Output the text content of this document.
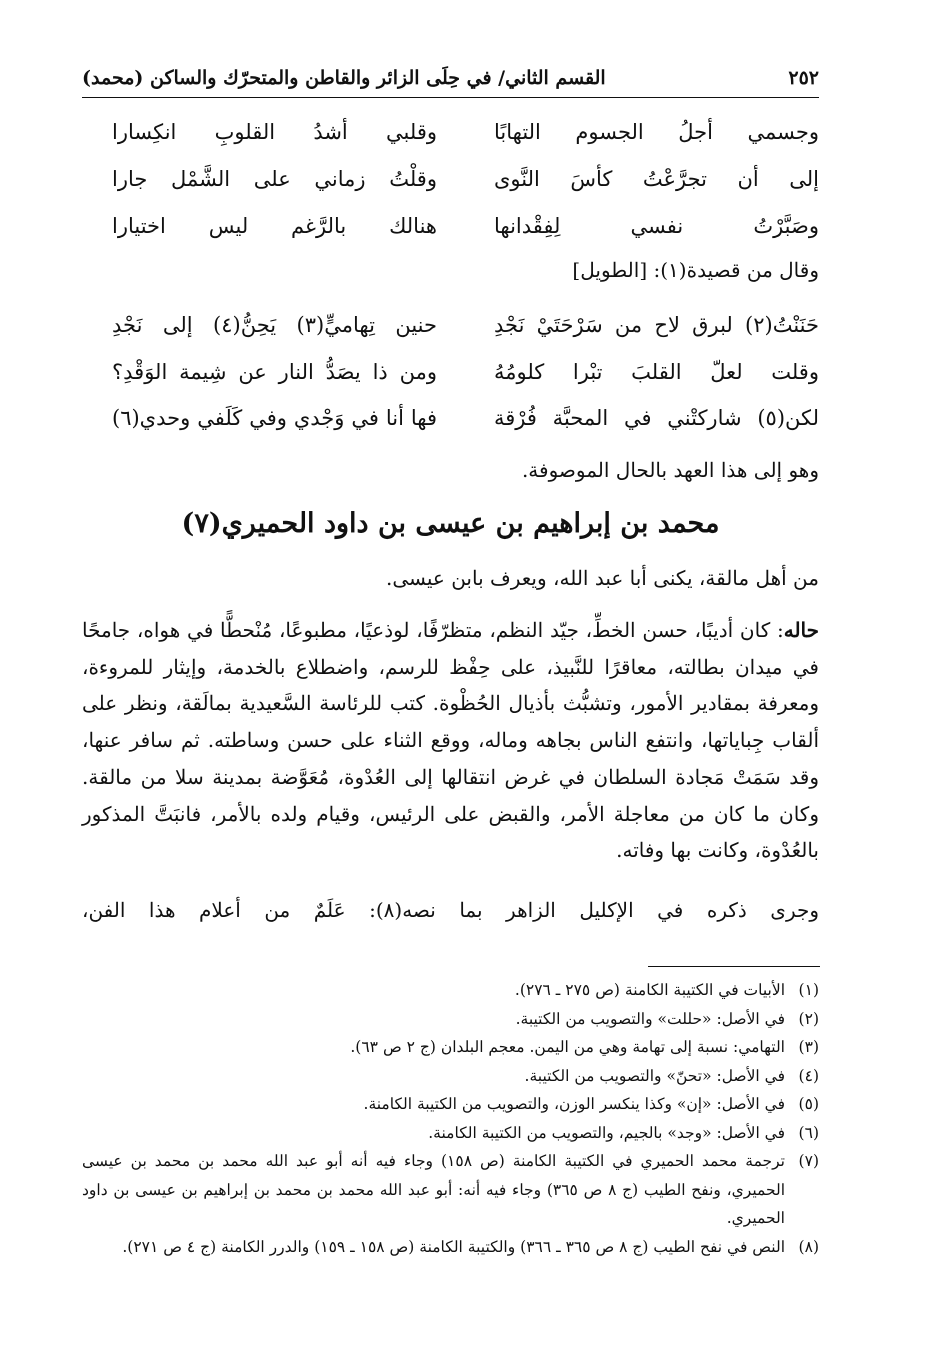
٢٥٢
القسم الثاني/ في حِلَى الزائر والقاطن والمتحرّك والساكن (محمد)
وجسمي أجلُ الجسوم التهابًا
وقلبي أشدُ القلوبِ انكِسارا
إلى أن تجرَّعْتُ كأسَ النَّوى
وقلْتُ زماني على الشَّمْل جارا
وصَبَّرْتُ نفسي لِفِقْدانها
هنالك بالرَّغم ليس اختيارا
وقال من قصيدة(١): [الطويل]
حَنَنْتُ(٢) لبرق لاح من سَرْحَتَيْ نَجْدِ
حنين تِهاميٍّ(٣) يَحِنُّ(٤) إلى نَجْدِ
وقلت لعلّ القلبَ تبْرا كلومُهُ
ومن ذا يصَدُّ النار عن شِيمة الوَقْدِ؟
لكن(٥) شاركتْني في المحبَّة فُرْقة
فها أنا في وَجْدي وفي كَلَفي وحدي(٦)
وهو إلى هذا العهد بالحال الموصوفة.
محمد بن إبراهيم بن عيسى بن داود الحميري(٧)
من أهل مالقة، يكنى أبا عبد الله، ويعرف بابن عيسى.
حاله: كان أديبًا، حسن الخطِّ، جيّد النظم، متظرّفًا، لوذعيًا، مطبوعًا، مُنْحطًّا في هواه، جامحًا في ميدان بطالته، معاقرًا للنَّبيذ، على حِفْظ للرسم، واضطلاع بالخدمة، وإيثار للمروءة، ومعرفة بمقادير الأمور، وتشبُّث بأذيال الحُظْوة. كتب للرئاسة السَّعيدية بمالَقة، ونظر على ألقاب جِباياتها، وانتفع الناس بجاهه وماله، ووقع الثناء على حسن وساطته. ثم سافر عنها، وقد سَمَتْ مَجادة السلطان في غرض انتقالها إلى العُدْوة، مُعَوَّضة بمدينة سلا من مالقة. وكان ما كان من معاجلة الأمر، والقبض على الرئيس، وقيام ولده بالأمر، فانبَتَّ المذكور بالعُدْوة، وكانت بها وفاته.
وجرى ذكره في الإكليل الزاهر بما نصه(٨): عَلَمٌ من أعلام هذا الفن،
(١)
الأبيات في الكتيبة الكامنة (ص ٢٧٥ ـ ٢٧٦).
(٢)
في الأصل: «حللت» والتصويب من الكتيبة.
(٣)
التهامي: نسبة إلى تهامة وهي من اليمن. معجم البلدان (ج ٢ ص ٦٣).
(٤)
في الأصل: «تحنّ» والتصويب من الكتيبة.
(٥)
في الأصل: «إن» وكذا ينكسر الوزن، والتصويب من الكتيبة الكامنة.
(٦)
في الأصل: «وجد» بالجيم، والتصويب من الكتيبة الكامنة.
(٧)
ترجمة محمد الحميري في الكتيبة الكامنة (ص ١٥٨) وجاء فيه أنه أبو عبد الله محمد بن محمد بن عيسى الحميري، ونفح الطيب (ج ٨ ص ٣٦٥) وجاء فيه أنه: أبو عبد الله محمد بن محمد بن إبراهيم بن عيسى بن داود الحميري.
(٨)
النص في نفح الطيب (ج ٨ ص ٣٦٥ ـ ٣٦٦) والكتيبة الكامنة (ص ١٥٨ ـ ١٥٩) والدرر الكامنة (ج ٤ ص ٢٧١).
